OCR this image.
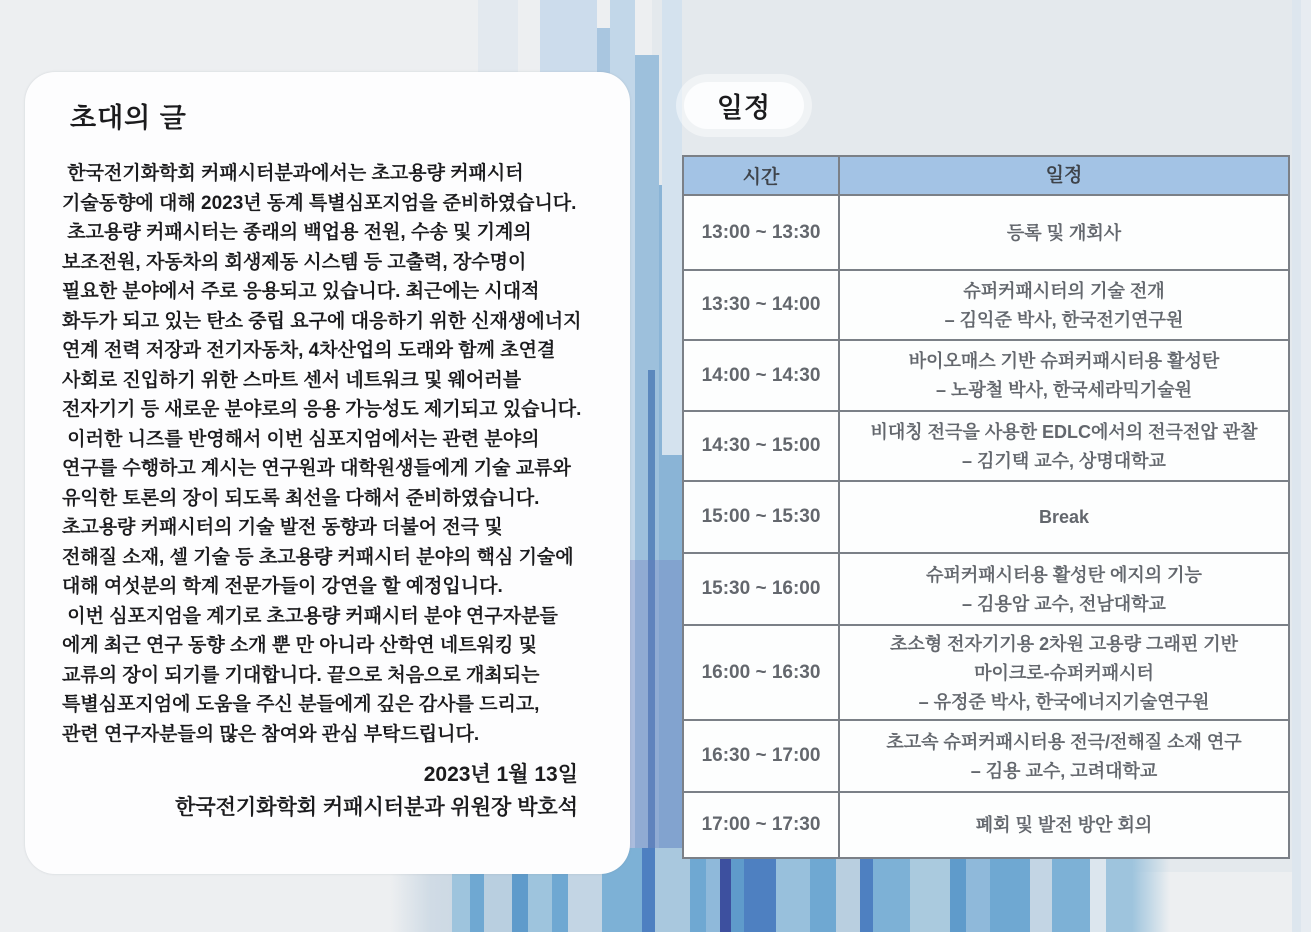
초대의 글
한국전기화학회 커패시터분과에서는 초고용량 커패시터
기술동향에 대해 2023년 동계 특별심포지엄을 준비하였습니다.
초고용량 커패시터는 종래의 백업용 전원, 수송 및 기계의
보조전원, 자동차의 회생제동 시스템 등 고출력, 장수명이
필요한 분야에서 주로 응용되고 있습니다. 최근에는 시대적
화두가 되고 있는 탄소 중립 요구에 대응하기 위한 신재생에너지
연계 전력 저장과 전기자동차, 4차산업의 도래와 함께 초연결
사회로 진입하기 위한 스마트 센서 네트워크 및 웨어러블
전자기기 등 새로운 분야로의 응용 가능성도 제기되고 있습니다.
이러한 니즈를 반영해서 이번 심포지엄에서는 관련 분야의
연구를 수행하고 계시는 연구원과 대학원생들에게 기술 교류와
유익한 토론의 장이 되도록 최선을 다해서 준비하였습니다.
초고용량 커패시터의 기술 발전 동향과 더불어 전극 및
전해질 소재, 셀 기술 등 초고용량 커패시터 분야의 핵심 기술에
대해 여섯분의 학계 전문가들이 강연을 할 예정입니다.
이번 심포지엄을 계기로 초고용량 커패시터 분야 연구자분들
에게 최근 연구 동향 소개 뿐 만 아니라 산학연 네트워킹 및
교류의 장이 되기를 기대합니다. 끝으로 처음으로 개최되는
특별심포지엄에 도움을 주신 분들에게 깊은 감사를 드리고,
관련 연구자분들의 많은 참여와 관심 부탁드립니다.
2023년 1월 13일
한국전기화학회 커패시터분과 위원장 박호석
일정
시간	일정
13:00 ~ 13:30	등록 및 개회사
13:30 ~ 14:00
슈퍼커패시터의 기술 전개
– 김익준 박사, 한국전기연구원
14:00 ~ 14:30
바이오매스 기반 슈퍼커패시터용 활성탄
– 노광철 박사, 한국세라믹기술원
14:30 ~ 15:00
비대칭 전극을 사용한 EDLC에서의 전극전압 관찰
– 김기택 교수, 상명대학교
15:00 ~ 15:30	Break
15:30 ~ 16:00
슈퍼커패시터용 활성탄 에지의 기능
– 김용암 교수, 전남대학교
16:00 ~ 16:30
초소형 전자기기용 2차원 고용량 그래핀 기반
마이크로-슈퍼커패시터
– 유정준 박사, 한국에너지기술연구원
16:30 ~ 17:00
초고속 슈퍼커패시터용 전극/전해질 소재 연구
– 김용 교수, 고려대학교
17:00 ~ 17:30	폐회 및 발전 방안 회의
